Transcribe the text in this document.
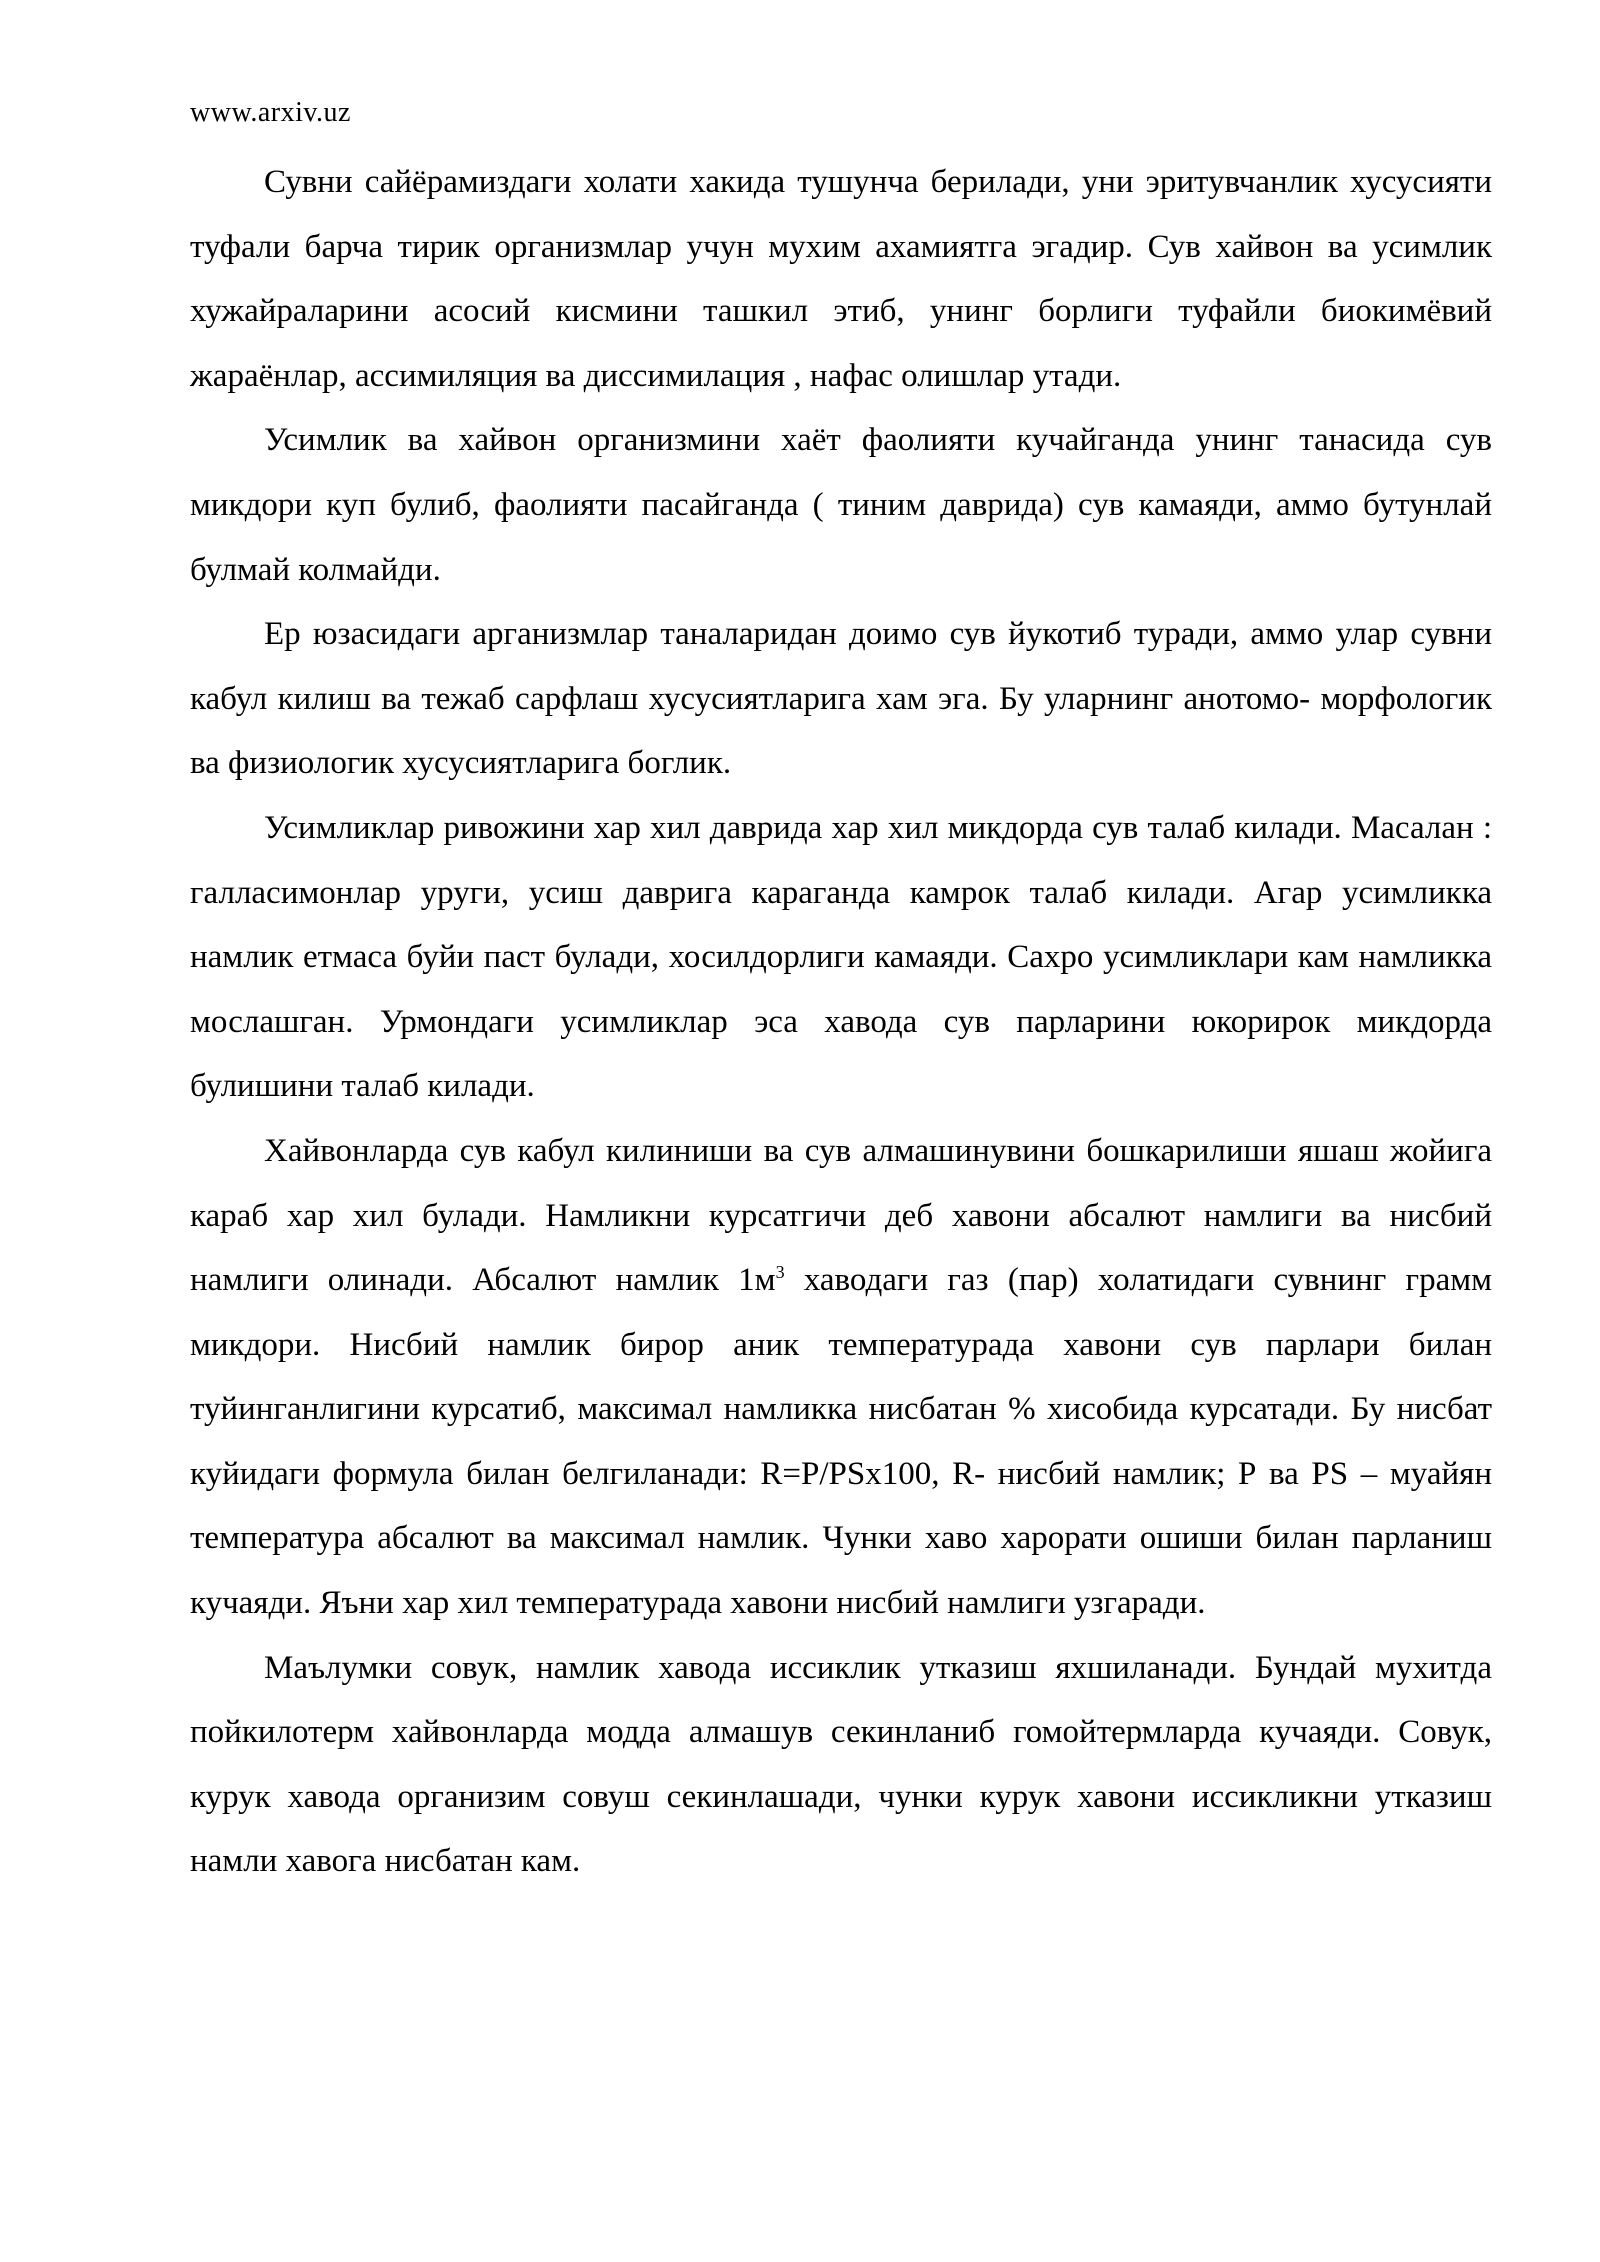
www.arxiv.uz

Сувни сайёрамиздаги холати хакида тушунча берилади, уни эритувчанлик хусусияти туфали барча тирик организмлар учун мухим ахамиятга эгадир. Сув хайвон ва усимлик хужайраларини асосий кисмини ташкил этиб, унинг борлиги туфайли биокимёвий жараёнлар, ассимиляция ва диссимилация , нафас олишлар утади.

Усимлик ва хайвон организмини хаёт фаолияти кучайганда унинг танасида сув микдори куп булиб, фаолияти пасайганда ( тиним даврида) сув камаяди, аммо бутунлай булмай колмайди.

Ер юзасидаги арганизмлар таналаридан доимо сув йукотиб туради, аммо улар сувни кабул килиш ва тежаб сарфлаш хусусиятларига хам эга. Бу уларнинг анотомо- морфологик ва физиологик хусусиятларига боглик.

Усимликлар ривожини хар хил даврида хар хил микдорда сув талаб килади. Масалан : галласимонлар уруги, усиш даврига караганда камрок талаб килади. Агар усимликка намлик етмаса буйи паст булади, хосилдорлиги камаяди. Сахро усимликлари кам намликка мослашган. Урмондаги усимликлар эса хавода сув парларини юкорирок микдорда булишини талаб килади.

Хайвонларда сув кабул килиниши ва сув алмашинувини бошкарилиши яшаш жойига караб хар хил булади. Намликни курсатгичи деб хавони абсалют намлиги ва нисбий намлиги олинади. Абсалют намлик $1м^3$ хаводаги газ (пар) холатидаги сувнинг грамм микдори. Нисбий намлик бирор аник температурада хавони сув парлари билан туйинганлигини курсатиб, максимал намликка нисбатан % хисобида курсатади. Бу нисбат куйидаги формула билан белгиланади: R=P/PSх100, R- нисбий намлик; Р ва PS – муайян температура абсалют ва максимал намлик. Чунки хаво харорати ошиши билан парланиш кучаяди. Яъни хар хил температурада хавони нисбий намлиги узгаради.

Маълумки совук, намлик хавода иссиклик утказиш яхшиланади. Бундай мухитда пойкилотерм хайвонларда модда алмашув секинланиб гомойтермларда кучаяди. Совук, курук хавода организим совуш секинлашади, чунки курук хавони иссикликни утказиш намли хавога нисбатан кам.
